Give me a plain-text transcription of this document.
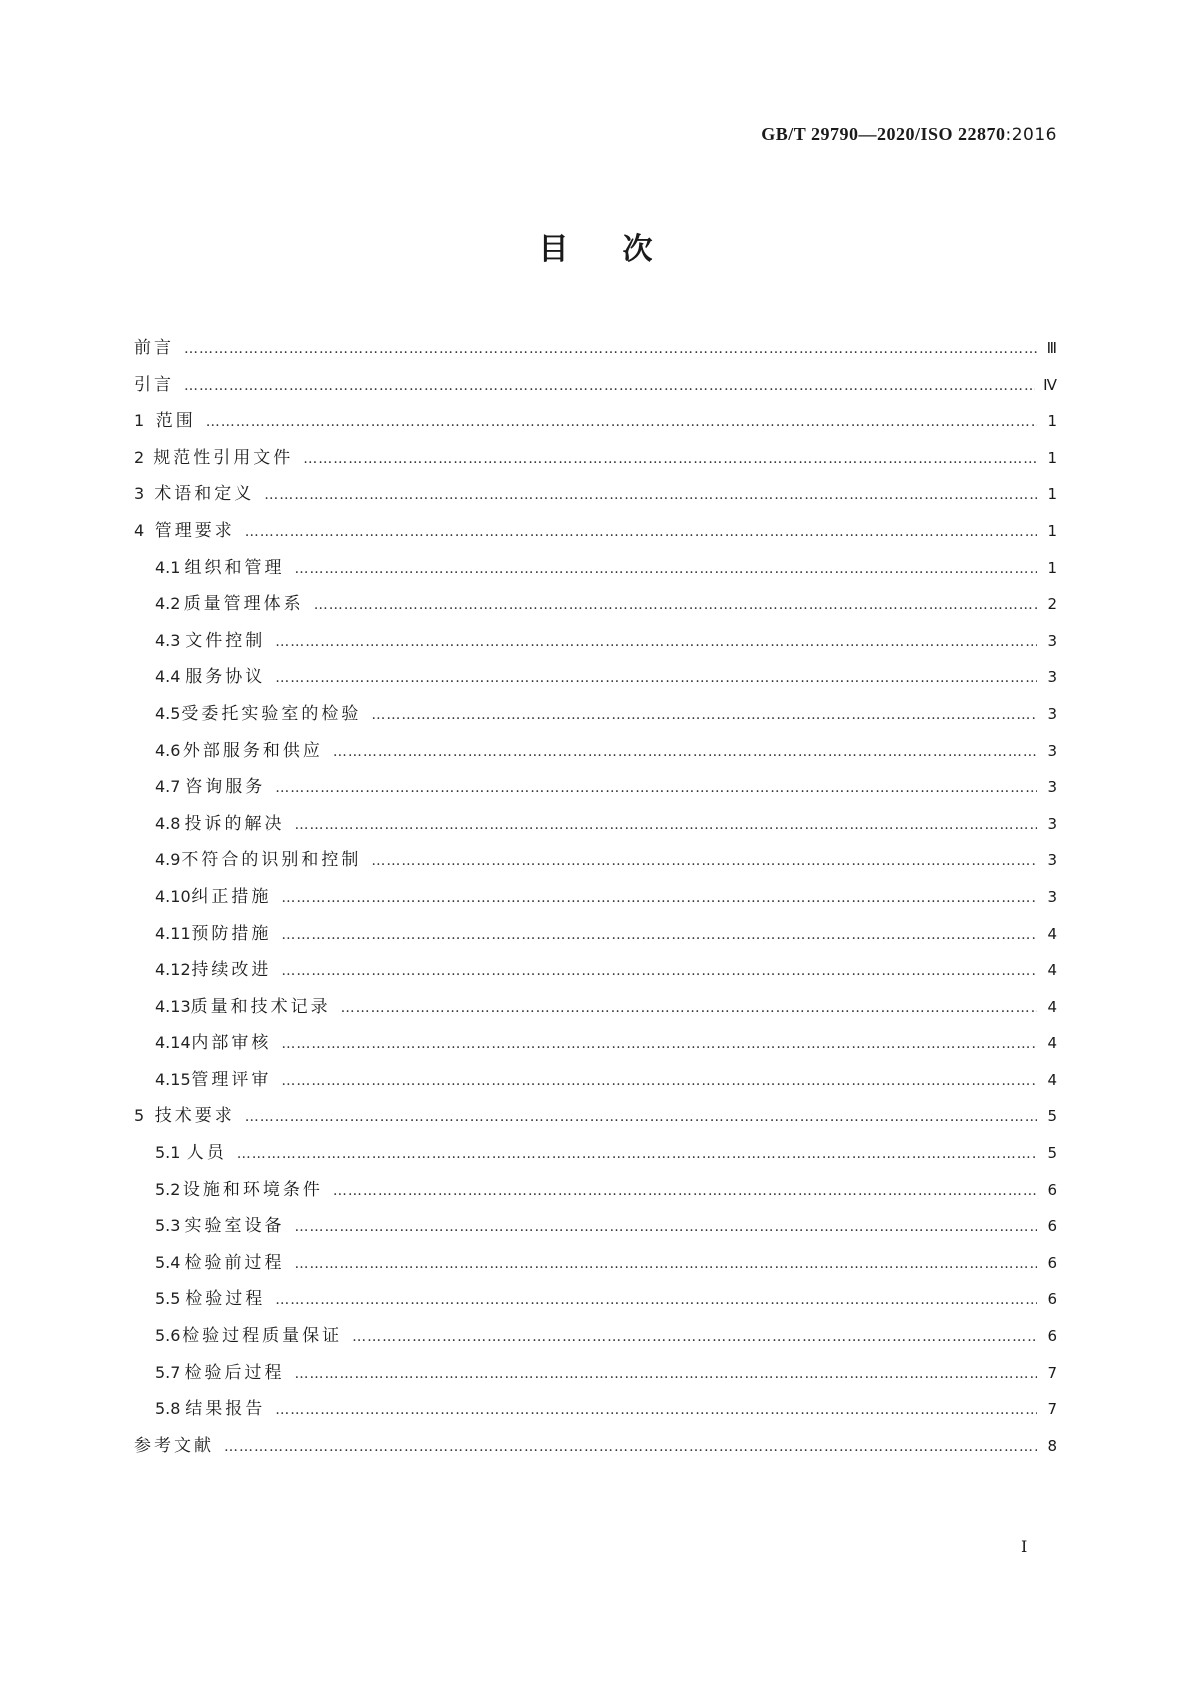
GB/T 29790—2020/ISO 22870:2016
目次
前言 …………………………………………………………………………………………………………………………………………………………………………………………………………………	Ⅲ
引言 …………………………………………………………………………………………………………………………………………………………………………………………………………………	Ⅳ
1 范围 …………………………………………………………………………………………………………………………………………………………………………………………………………………	1
2 规范性引用文件 …………………………………………………………………………………………………………………………………………………………………………………………………………………	1
3 术语和定义 …………………………………………………………………………………………………………………………………………………………………………………………………………………	1
4 管理要求 …………………………………………………………………………………………………………………………………………………………………………………………………………………	1
4.1 组织和管理 …………………………………………………………………………………………………………………………………………………………………………………………………………………	1
4.2 质量管理体系 …………………………………………………………………………………………………………………………………………………………………………………………………………………	2
4.3 文件控制 …………………………………………………………………………………………………………………………………………………………………………………………………………………	3
4.4 服务协议 …………………………………………………………………………………………………………………………………………………………………………………………………………………	3
4.5 受委托实验室的检验 …………………………………………………………………………………………………………………………………………………………………………………………………………………	3
4.6 外部服务和供应 …………………………………………………………………………………………………………………………………………………………………………………………………………………	3
4.7 咨询服务 …………………………………………………………………………………………………………………………………………………………………………………………………………………	3
4.8 投诉的解决 …………………………………………………………………………………………………………………………………………………………………………………………………………………	3
4.9 不符合的识别和控制 …………………………………………………………………………………………………………………………………………………………………………………………………………………	3
4.10 纠正措施 …………………………………………………………………………………………………………………………………………………………………………………………………………………	3
4.11 预防措施 …………………………………………………………………………………………………………………………………………………………………………………………………………………	4
4.12 持续改进 …………………………………………………………………………………………………………………………………………………………………………………………………………………	4
4.13 质量和技术记录 …………………………………………………………………………………………………………………………………………………………………………………………………………………	4
4.14 内部审核 …………………………………………………………………………………………………………………………………………………………………………………………………………………	4
4.15 管理评审 …………………………………………………………………………………………………………………………………………………………………………………………………………………	4
5 技术要求 …………………………………………………………………………………………………………………………………………………………………………………………………………………	5
5.1 人员 …………………………………………………………………………………………………………………………………………………………………………………………………………………	5
5.2 设施和环境条件 …………………………………………………………………………………………………………………………………………………………………………………………………………………	6
5.3 实验室设备 …………………………………………………………………………………………………………………………………………………………………………………………………………………	6
5.4 检验前过程 …………………………………………………………………………………………………………………………………………………………………………………………………………………	6
5.5 检验过程 …………………………………………………………………………………………………………………………………………………………………………………………………………………	6
5.6 检验过程质量保证 …………………………………………………………………………………………………………………………………………………………………………………………………………………	6
5.7 检验后过程 …………………………………………………………………………………………………………………………………………………………………………………………………………………	7
5.8 结果报告 …………………………………………………………………………………………………………………………………………………………………………………………………………………	7
参考文献 …………………………………………………………………………………………………………………………………………………………………………………………………………………	8
I
